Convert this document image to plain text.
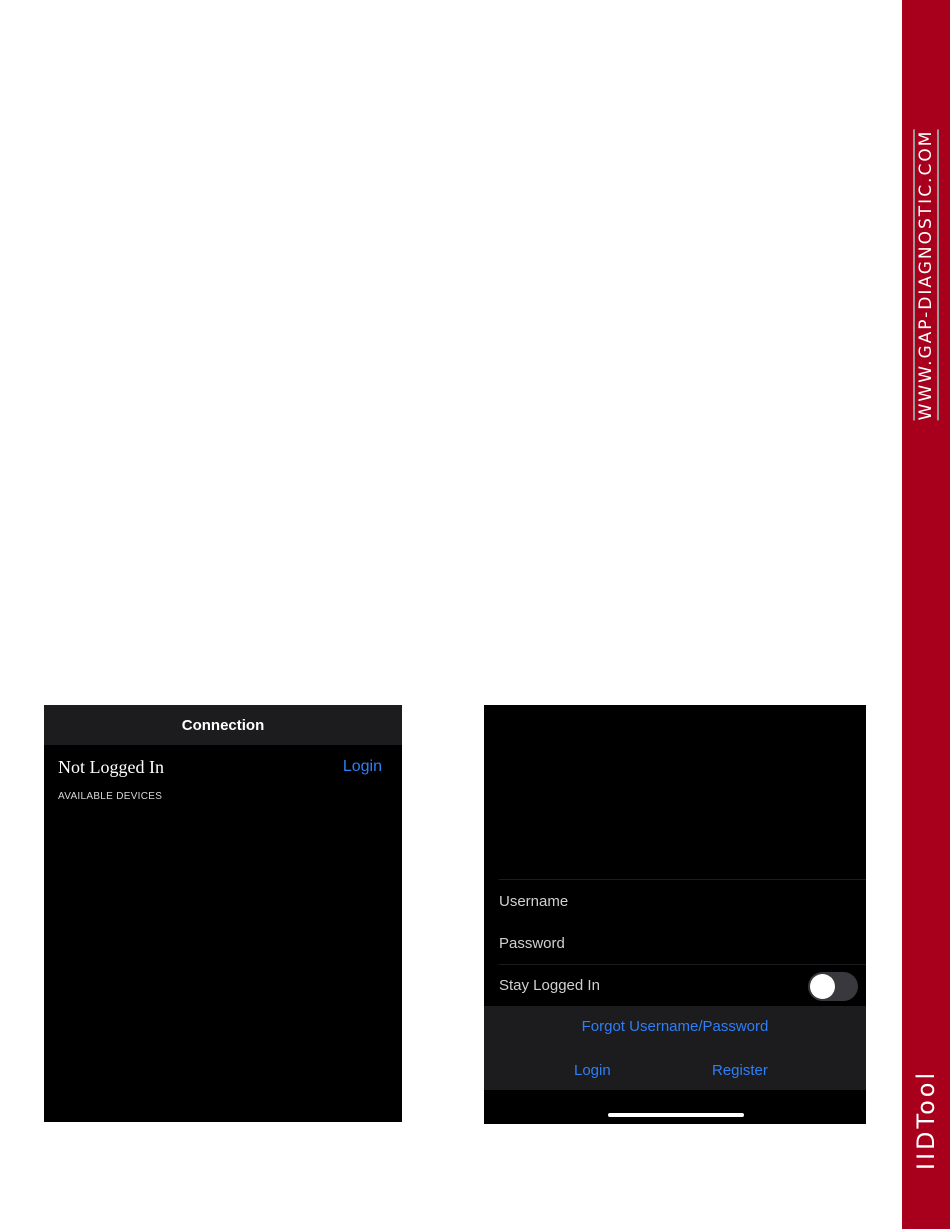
WWW.GAP-DIAGNOSTIC.COM
IIDTool
Connection
Not Logged In	Login
AVAILABLE DEVICES
Username
Password
Stay Logged In
Forgot Username/Password
Login	Register
